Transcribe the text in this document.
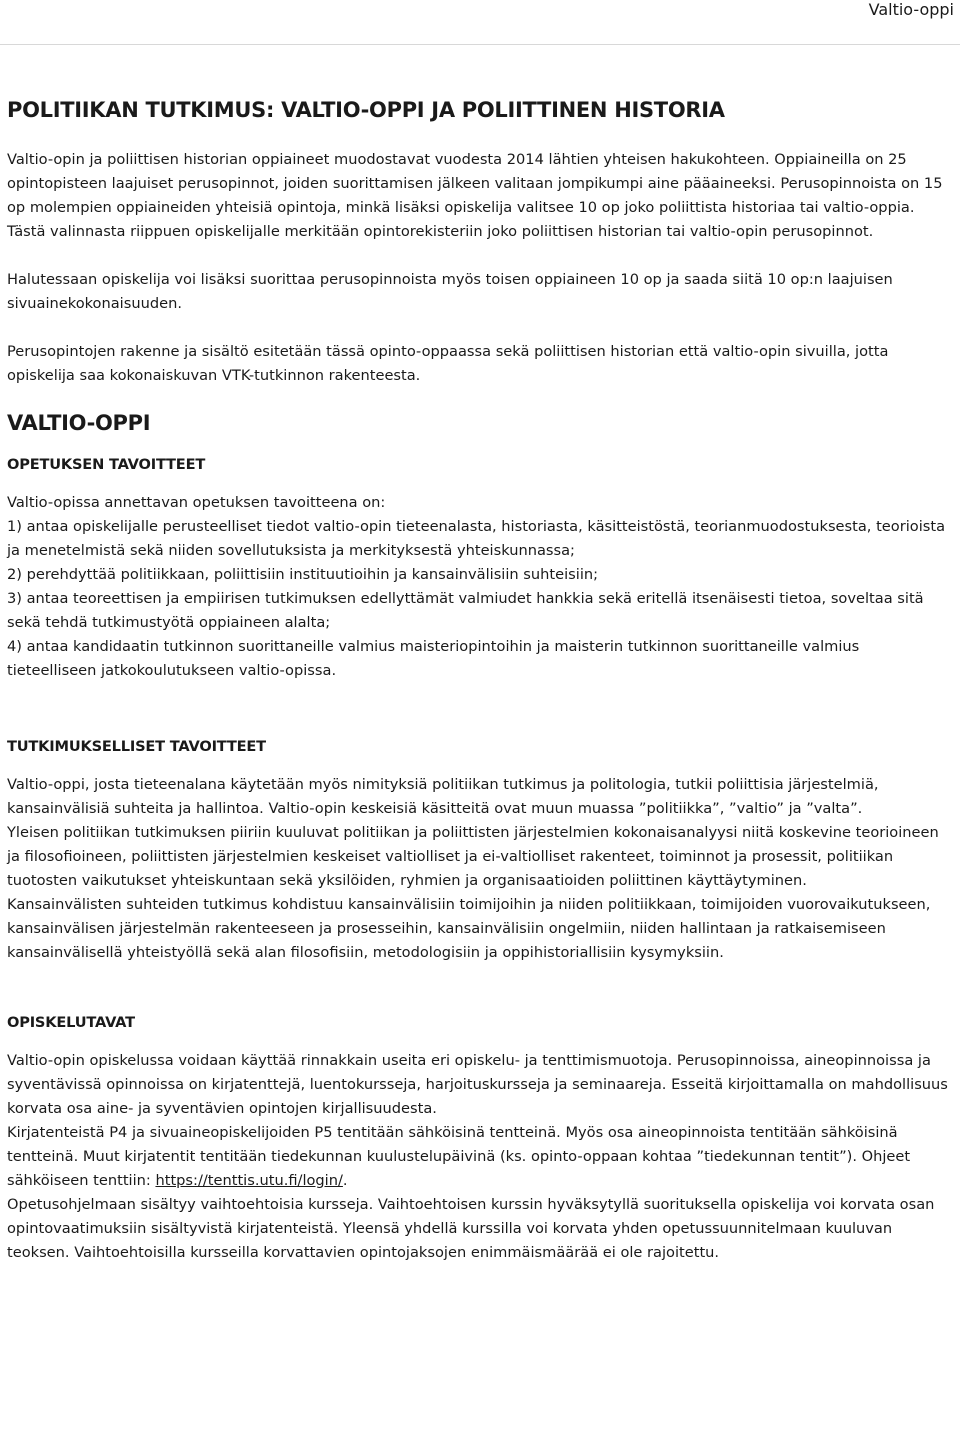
Valtio-oppi
POLITIIKAN TUTKIMUS: VALTIO-OPPI JA POLIITTINEN HISTORIA

Valtio-opin ja poliittisen historian oppiaineet muodostavat vuodesta 2014 lähtien yhteisen hakukohteen. Oppiaineilla on 25 opintopisteen laajuiset perusopinnot, joiden suorittamisen jälkeen valitaan jompikumpi aine pääaineeksi. Perusopinnoista on 15 op molempien oppiaineiden yhteisiä opintoja, minkä lisäksi opiskelija valitsee 10 op joko poliittista historiaa tai valtio-oppia. Tästä valinnasta riippuen opiskelijalle merkitään opintorekisteriin joko poliittisen historian tai valtio-opin perusopinnot.

Halutessaan opiskelija voi lisäksi suorittaa perusopinnoista myös toisen oppiaineen 10 op ja saada siitä 10 op:n laajuisen sivuainekokonaisuuden.

Perusopintojen rakenne ja sisältö esitetään tässä opinto-oppaassa sekä poliittisen historian että valtio-opin sivuilla, jotta opiskelija saa kokonaiskuvan VTK-tutkinnon rakenteesta.

VALTIO-OPPI
OPETUKSEN TAVOITTEET

Valtio-opissa annettavan opetuksen tavoitteena on:

1) antaa opiskelijalle perusteelliset tiedot valtio-opin tieteenalasta, historiasta, käsitteistöstä, teorianmuodostuksesta, teorioista ja menetelmistä sekä niiden sovellutuksista ja merkityksestä yhteiskunnassa;

2) perehdyttää politiikkaan, poliittisiin instituutioihin ja kansainvälisiin suhteisiin;

3) antaa teoreettisen ja empiirisen tutkimuksen edellyttämät valmiudet hankkia sekä eritellä itsenäisesti tietoa, soveltaa sitä sekä tehdä tutkimustyötä oppiaineen alalta;

4) antaa kandidaatin tutkinnon suorittaneille valmius maisteriopintoihin ja maisterin tutkinnon suorittaneille valmius tieteelliseen jatkokoulutukseen valtio-opissa.

TUTKIMUKSELLISET TAVOITTEET

Valtio-oppi, josta tieteenalana käytetään myös nimityksiä politiikan tutkimus ja politologia, tutkii poliittisia järjestelmiä, kansainvälisiä suhteita ja hallintoa. Valtio-opin keskeisiä käsitteitä ovat muun muassa ”politiikka”, ”valtio” ja ”valta”.

Yleisen politiikan tutkimuksen piiriin kuuluvat politiikan ja poliittisten järjestelmien kokonaisanalyysi niitä koskevine teorioineen ja filosofioineen, poliittisten järjestelmien keskeiset valtiolliset ja ei-valtiolliset rakenteet, toiminnot ja prosessit, politiikan tuotosten vaikutukset yhteiskuntaan sekä yksilöiden, ryhmien ja organisaatioiden poliittinen käyttäytyminen.

Kansainvälisten suhteiden tutkimus kohdistuu kansainvälisiin toimijoihin ja niiden politiikkaan, toimijoiden vuorovaikutukseen, kansainvälisen järjestelmän rakenteeseen ja prosesseihin, kansainvälisiin ongelmiin, niiden hallintaan ja ratkaisemiseen kansainvälisellä yhteistyöllä sekä alan filosofisiin, metodologisiin ja oppihistoriallisiin kysymyksiin.

OPISKELUTAVAT

Valtio-opin opiskelussa voidaan käyttää rinnakkain useita eri opiskelu- ja tenttimismuotoja. Perusopinnoissa, aineopinnoissa ja syventävissä opinnoissa on kirjatenttejä, luentokursseja, harjoituskursseja ja seminaareja. Esseitä kirjoittamalla on mahdollisuus korvata osa aine- ja syventävien opintojen kirjallisuudesta.

Kirjatenteistä P4 ja sivuaineopiskelijoiden P5 tentitään sähköisinä tentteinä. Myös osa aineopinnoista tentitään sähköisinä tentteinä. Muut kirjatentit tentitään tiedekunnan kuulustelupäivinä (ks. opinto-oppaan kohtaa ”tiedekunnan tentit”). Ohjeet sähköiseen tenttiin: https://tenttis.utu.fi/login/.

Opetusohjelmaan sisältyy vaihtoehtoisia kursseja. Vaihtoehtoisen kurssin hyväksytyllä suorituksella opiskelija voi korvata osan opintovaatimuksiin sisältyvistä kirjatenteistä. Yleensä yhdellä kurssilla voi korvata yhden opetussuunnitelmaan kuuluvan teoksen. Vaihtoehtoisilla kursseilla korvattavien opintojaksojen enimmäismäärää ei ole rajoitettu.
